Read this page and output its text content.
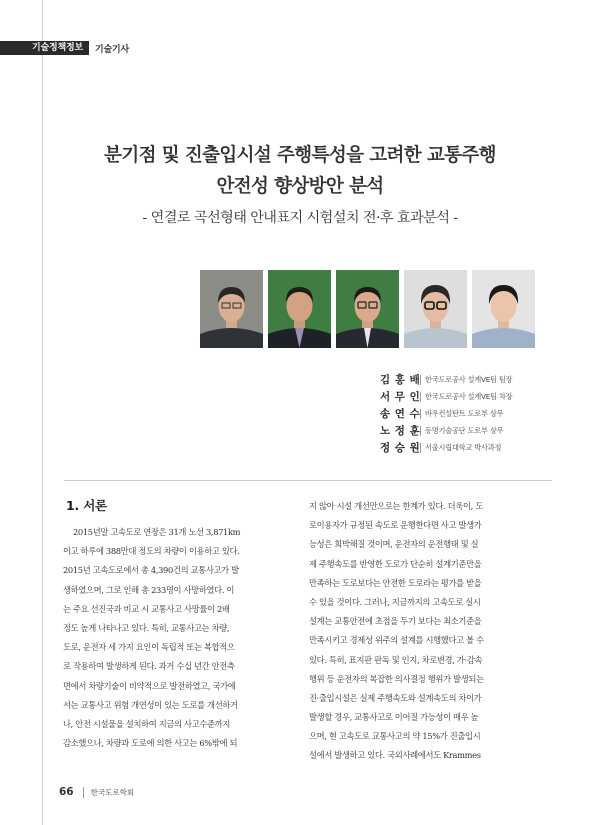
기술정책정보	기술기사
분기점 및 진출입시설 주행특성을 고려한 교통주행
안전성 향상방안 분석
- 연결로 곡선형태 안내표지 시험설치 전·후 효과분석 -
김 홍 배 한국도로공사 설계VE팀 팀장
서 무 인 한국도로공사 설계VE팀 차장
송 연 수 바우컨설탄트 도로부 상무
노 정 훈 동명기술공단 도로부 상무
정 승 원 서울시립대학교 박사과정
1. 서론
2015년말 고속도로 연장은 31개 노선 3,871km
이고 하루에 388만대 정도의 차량이 이용하고 있다.
2015년 고속도로에서 총 4,390건의 교통사고가 발
생하였으며, 그로 인해 총 233명이 사망하였다. 이
는 주요 선진국과 비교 시 교통사고 사망률이 2배
정도 높게 나타나고 있다. 특히, 교통사고는 차량,
도로, 운전자 세 가지 요인이 독립적 또는 복합적으
로 작용하여 발생하게 된다. 과거 수십 년간 안전측
면에서 차량기술이 비약적으로 발전하였고, 국가에
서는 교통사고 위험 개연성이 있는 도로를 개선하거
나, 안전 시설물을 설치하여 지금의 사고수준까지
감소했으나, 차량과 도로에 의한 사고는 6%밖에 되
지 않아 시설 개선만으로는 한계가 있다. 더욱이, 도
로이용자가 규정된 속도로 운행한다면 사고 발생가
능성은 희박해질 것이며, 운전자의 운전행태 및 실
제 주행속도를 반영한 도로가 단순히 설계기준만을
만족하는 도로보다는 안전한 도로라는 평가를 받을
수 있을 것이다. 그러나, 지금까지의 고속도로 실시
설계는 교통안전에 초점을 두기 보다는 최소기준을
만족시키고 경제성 위주의 설계를 시행했다고 볼 수
있다. 특히, 표지판 판독 및 인지, 차로변경, 가·감속
행위 등 운전자의 복잡한 의사결정 행위가 발생되는
진·출입시설은 실제 주행속도와 설계속도의 차이가
발생할 경우, 교통사고로 이어질 가능성이 매우 높
으며, 현 고속도로 교통사고의 약 15%가 진출입시
설에서 발생하고 있다. 국외사례에서도 Krammes
66 한국도로학회
